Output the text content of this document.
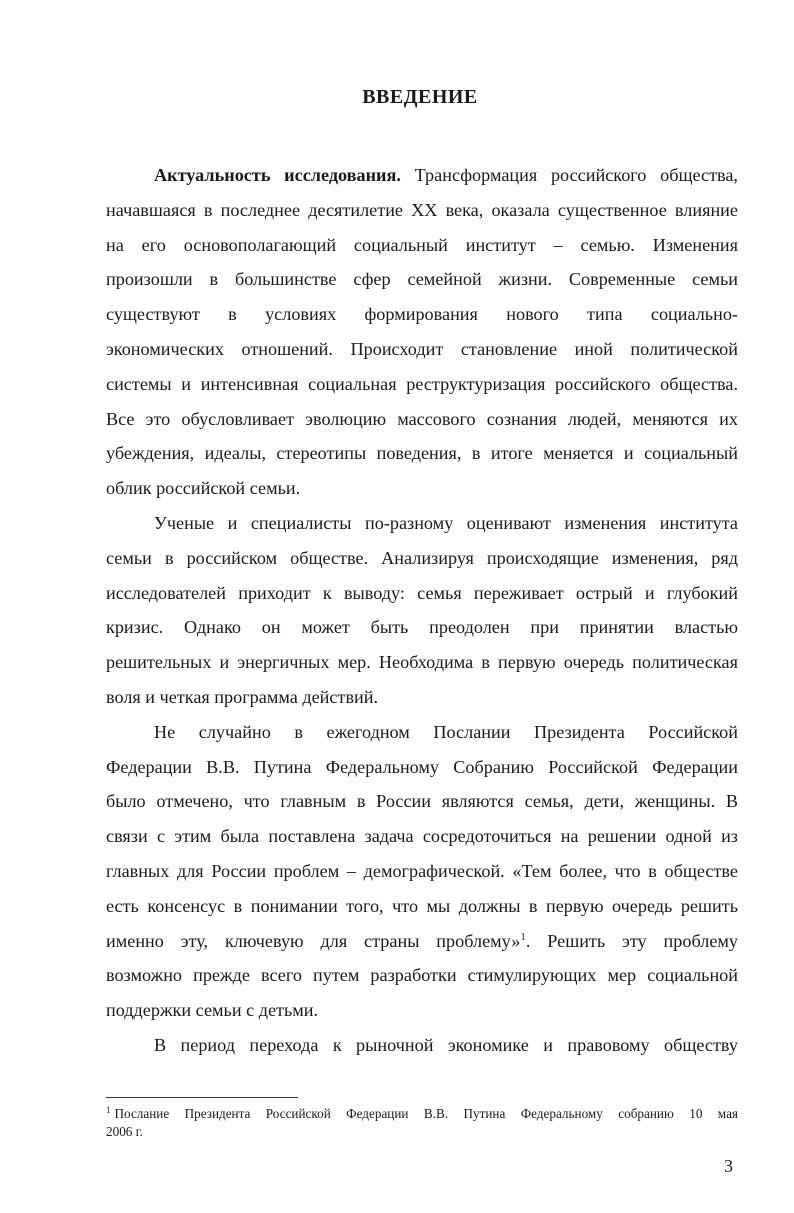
ВВЕДЕНИЕ
Актуальность исследования. Трансформация российского общества,
начавшаяся в последнее десятилетие XX века, оказала существенное влияние
на его основополагающий социальный институт – семью. Изменения
произошли в большинстве сфер семейной жизни. Современные семьи
существуют в условиях формирования нового типа социально-
экономических отношений. Происходит становление иной политической
системы и интенсивная социальная реструктуризация российского общества.
Все это обусловливает эволюцию массового сознания людей, меняются их
убеждения, идеалы, стереотипы поведения, в итоге меняется и социальный
облик российской семьи.
Ученые и специалисты по-разному оценивают изменения института
семьи в российском обществе. Анализируя происходящие изменения, ряд
исследователей приходит к выводу: семья переживает острый и глубокий
кризис. Однако он может быть преодолен при принятии властью
решительных и энергичных мер. Необходима в первую очередь политическая
воля и четкая программа действий.
Не случайно в ежегодном Послании Президента Российской
Федерации В.В. Путина Федеральному Собранию Российской Федерации
было отмечено, что главным в России являются семья, дети, женщины. В
связи с этим была поставлена задача сосредоточиться на решении одной из
главных для России проблем – демографической. «Тем более, что в обществе
есть консенсус в понимании того, что мы должны в первую очередь решить
именно эту, ключевую для страны проблему»$^1$. Решить эту проблему
возможно прежде всего путем разработки стимулирующих мер социальной
поддержки семьи с детьми.
В период перехода к рыночной экономике и правовому обществу
$^1$ Послание Президента Российской Федерации В.В. Путина Федеральному собранию 10 мая
2006 г.
3
